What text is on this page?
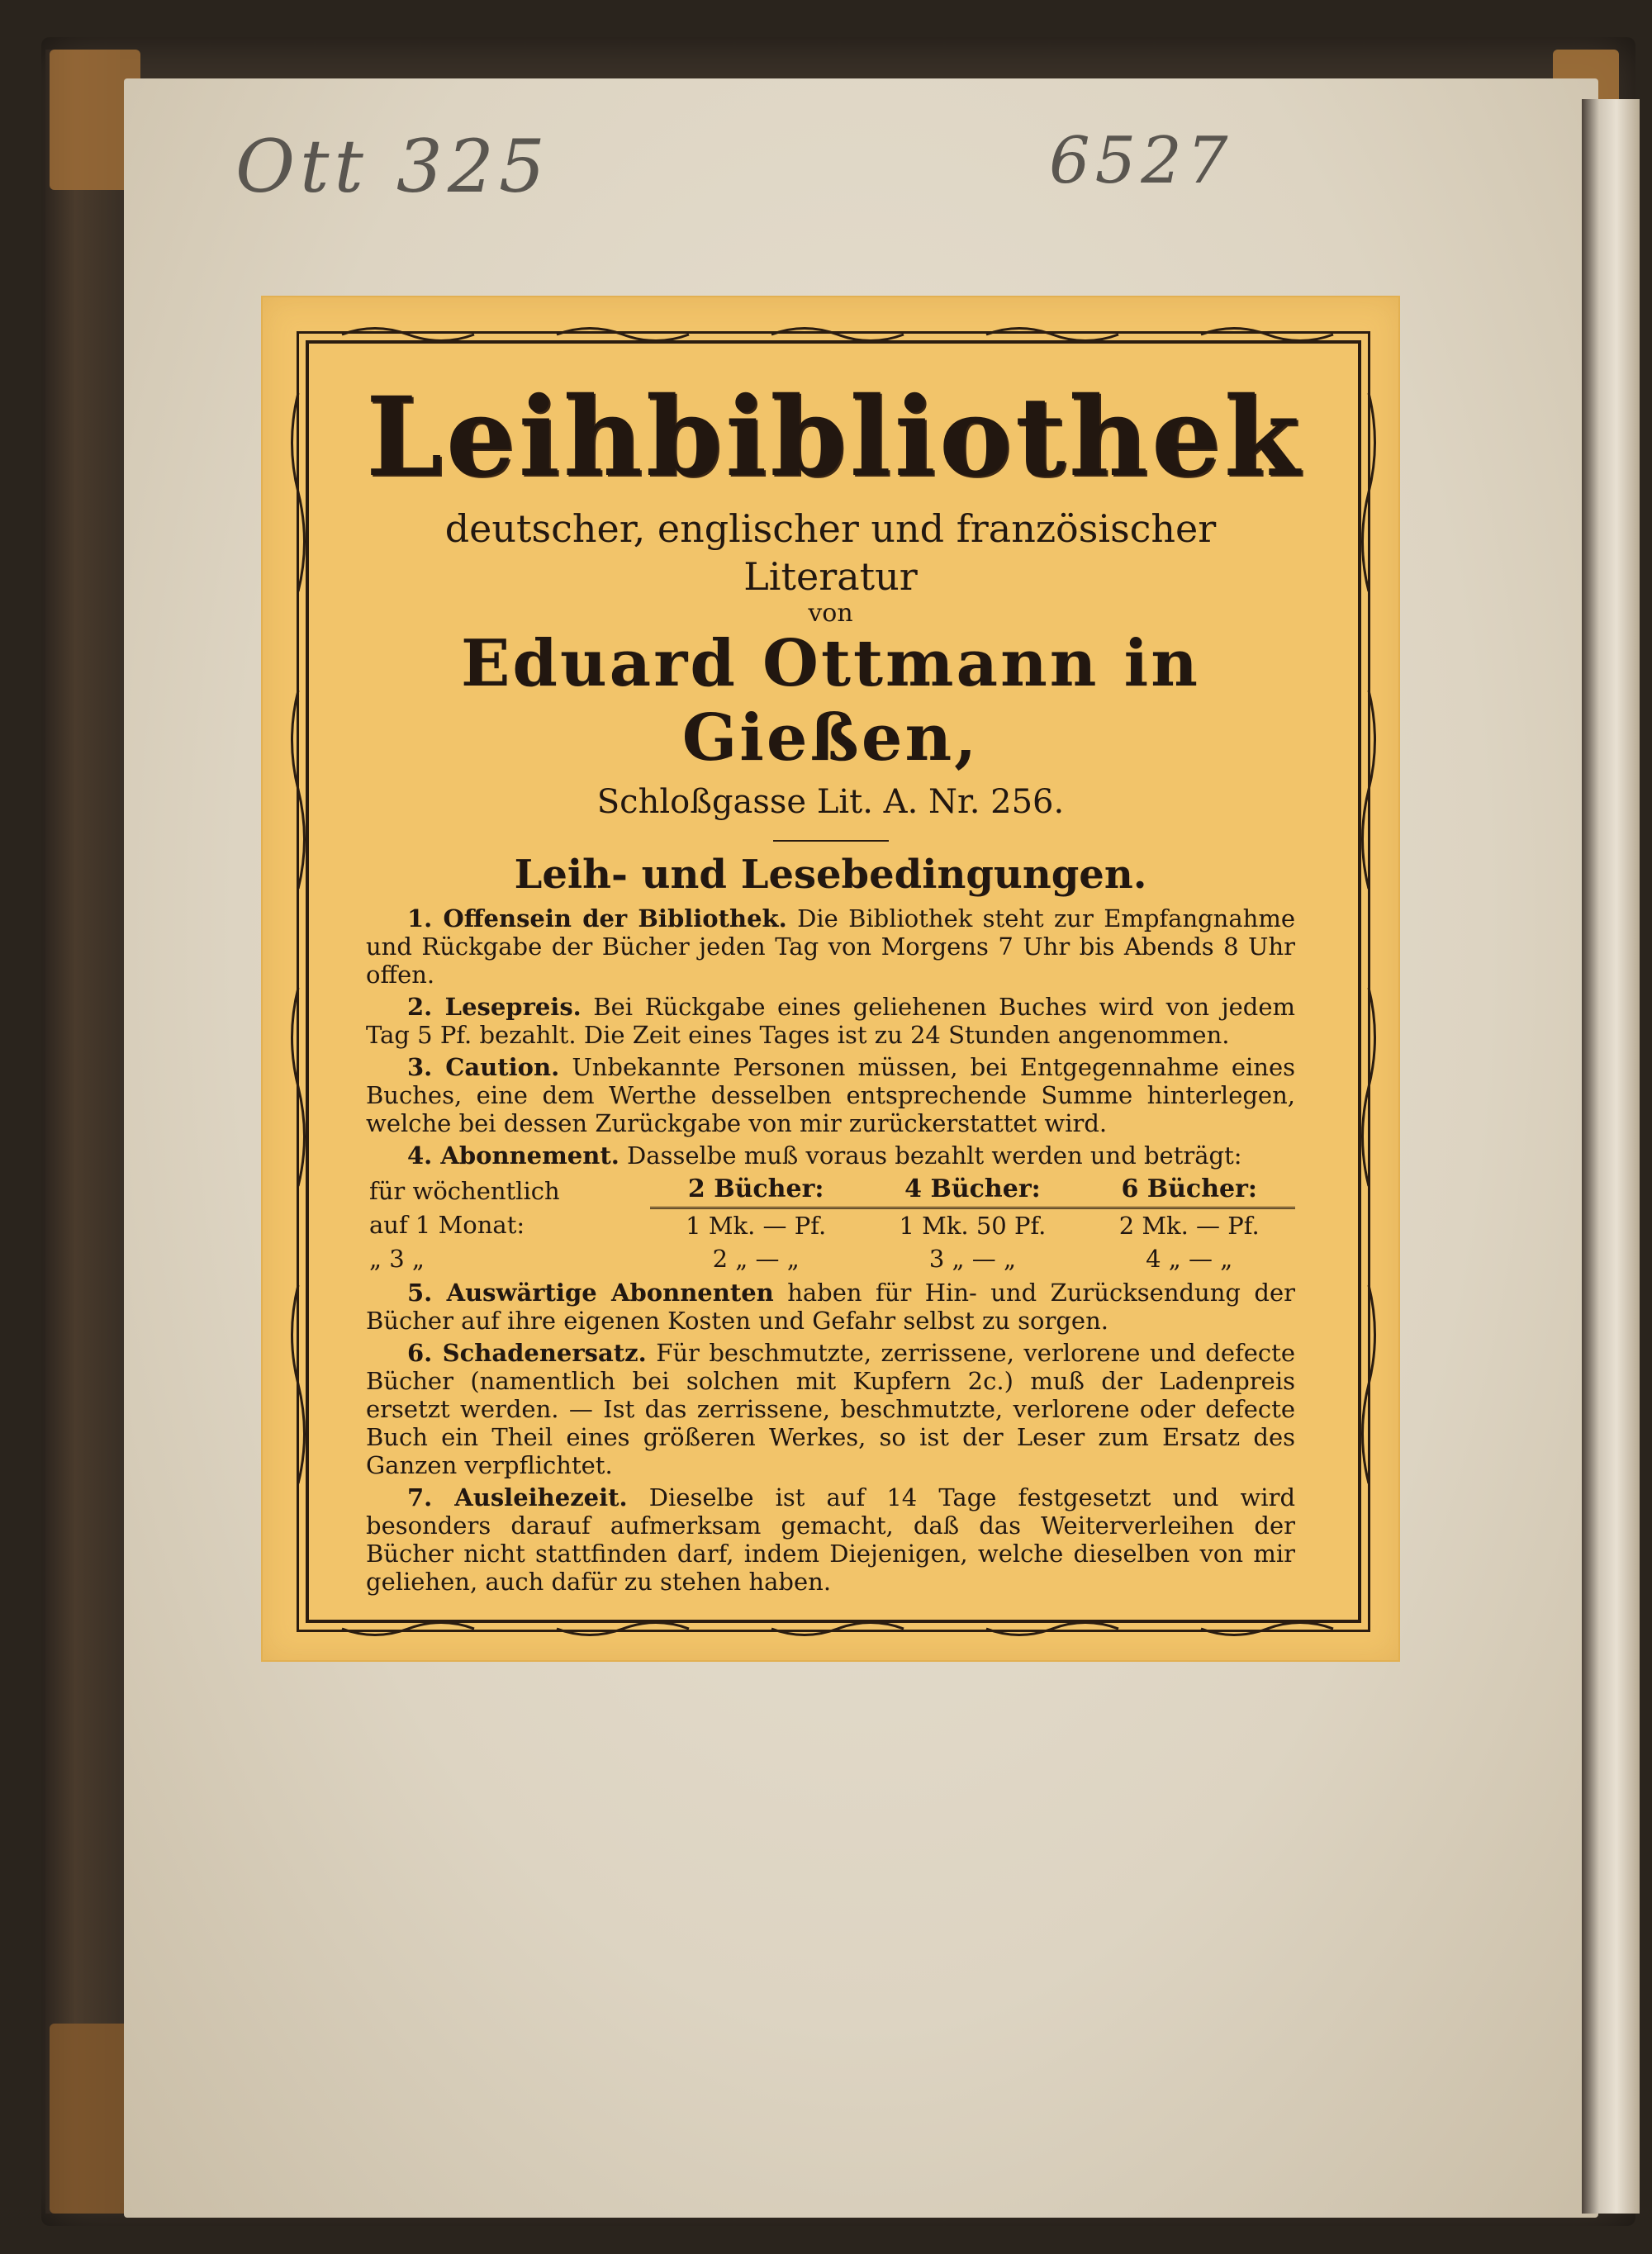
Ott 325	6527
Leihbibliothek
deutscher, englischer und französischer Literatur
von
Eduard Ottmann in Gießen,
Schloßgasse Lit. A. Nr. 256.
Leih- und Lesebedingungen.

1. Offensein der Bibliothek. Die Bibliothek steht zur Empfangnahme und Rückgabe der Bücher jeden Tag von Morgens 7 Uhr bis Abends 8 Uhr offen.

2. Lesepreis. Bei Rückgabe eines geliehenen Buches wird von jedem Tag 5 Pf. bezahlt. Die Zeit eines Tages ist zu 24 Stunden angenommen.

3. Caution. Unbekannte Personen müssen, bei Entgegennahme eines Buches, eine dem Werthe desselben entsprechende Summe hinterlegen, welche bei dessen Zurückgabe von mir zurückerstattet wird.

4. Abonnement. Dasselbe muß voraus bezahlt werden und beträgt:

für wöchentlich	2 Bücher:	4 Bücher:	6 Bücher:
auf 1 Monat:	1 Mk. — Pf.	1 Mk. 50 Pf.	2 Mk. — Pf.
„ 3 „	2 „ — „	3 „ — „	4 „ — „

5. Auswärtige Abonnenten haben für Hin- und Zurücksendung der Bücher auf ihre eigenen Kosten und Gefahr selbst zu sorgen.

6. Schadenersatz. Für beschmutzte, zerrissene, verlorene und defecte Bücher (namentlich bei solchen mit Kupfern 2c.) muß der Ladenpreis ersetzt werden. — Ist das zerrissene, beschmutzte, verlorene oder defecte Buch ein Theil eines größeren Werkes, so ist der Leser zum Ersatz des Ganzen verpflichtet.

7. Ausleihezeit. Dieselbe ist auf 14 Tage festgesetzt und wird besonders darauf aufmerksam gemacht, daß das Weiterverleihen der Bücher nicht stattfinden darf, indem Diejenigen, welche dieselben von mir geliehen, auch dafür zu stehen haben.
